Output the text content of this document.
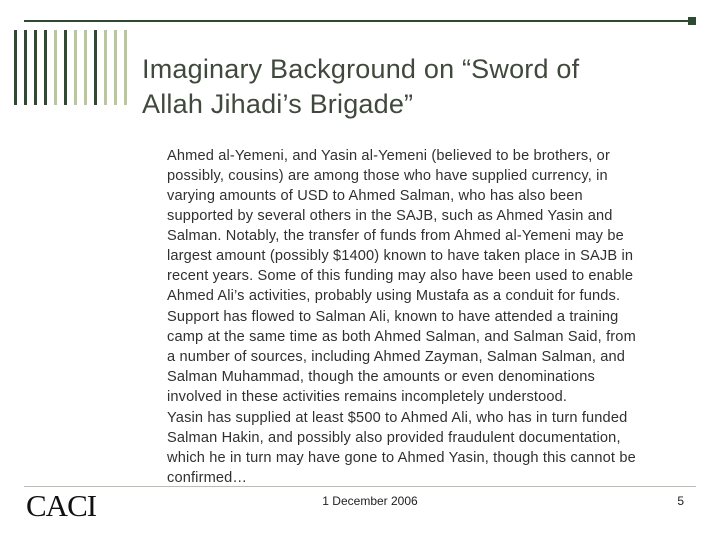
Imaginary Background on “Sword of
Allah Jihadi’s Brigade”
Ahmed al-Yemeni, and Yasin al-Yemeni (believed to be brothers, or
possibly, cousins) are among those who have supplied currency, in
varying amounts of USD to Ahmed Salman, who has also been
supported by several others in the SAJB, such as Ahmed Yasin and
Salman. Notably, the transfer of funds from Ahmed al-Yemeni may be
largest amount (possibly $1400) known to have taken place in SAJB in
recent years. Some of this funding may also have been used to enable
Ahmed Ali’s activities, probably using Mustafa as a conduit for funds.
Support has flowed to Salman Ali, known to have attended a training
camp at the same time as both Ahmed Salman, and Salman Said, from
a number of sources, including Ahmed Zayman, Salman Salman, and
Salman Muhammad, though the amounts or even denominations
involved in these activities remains incompletely understood.
Yasin has supplied at least $500 to Ahmed Ali, who has in turn funded
Salman Hakin, and possibly also provided fraudulent documentation,
which he in turn may have gone to Ahmed Yasin, though this cannot be
confirmed…
CACI	1 December 2006	5
